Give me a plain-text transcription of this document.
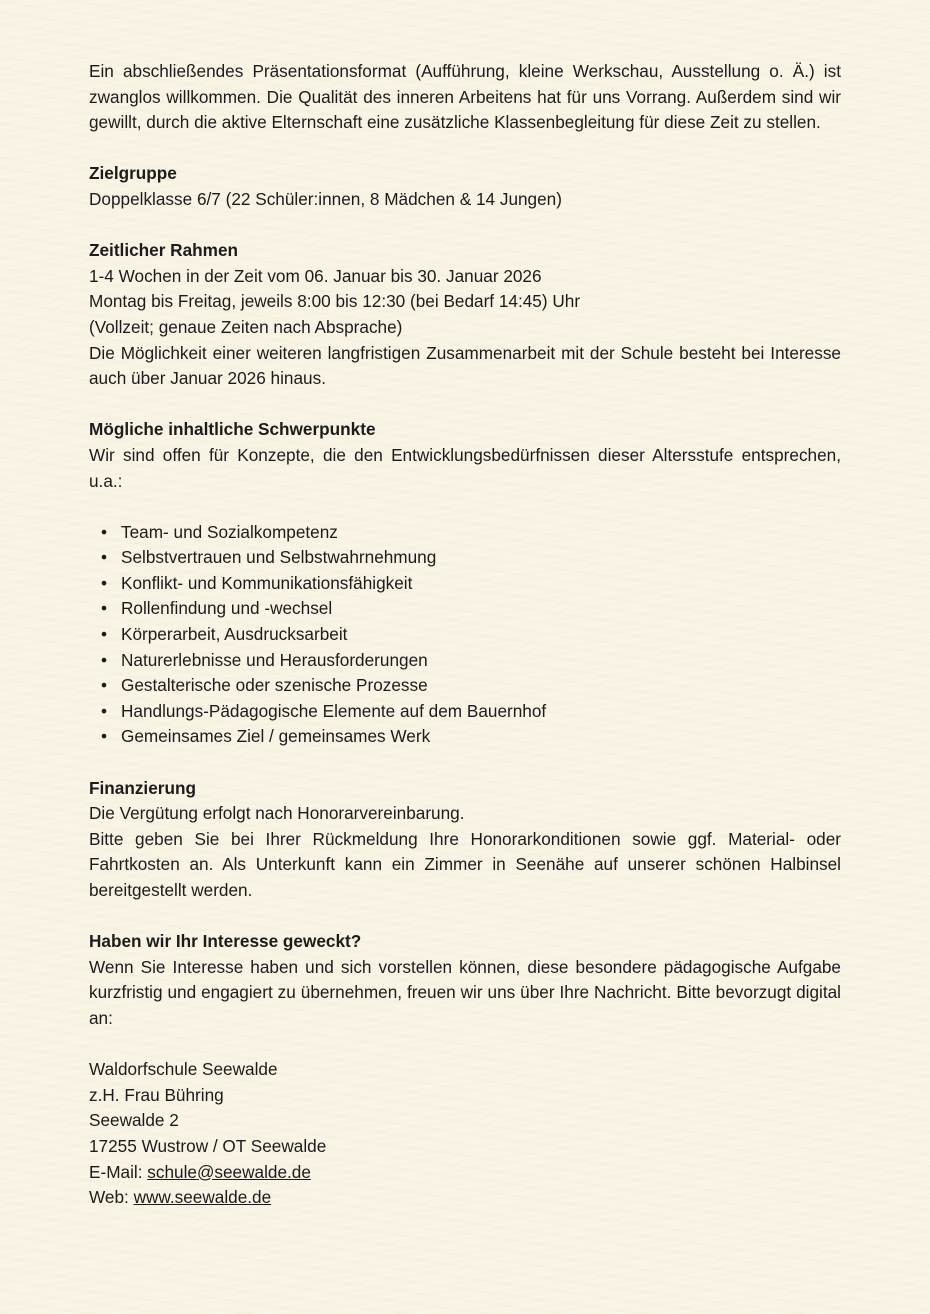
Ein abschließendes Präsentationsformat (Aufführung, kleine Werkschau, Ausstellung o. Ä.) ist zwanglos willkommen. Die Qualität des inneren Arbeitens hat für uns Vorrang. Außerdem sind wir gewillt, durch die aktive Elternschaft eine zusätzliche Klassenbegleitung für diese Zeit zu stellen.

Zielgruppe

Doppelklasse 6/7 (22 Schüler:innen, 8 Mädchen & 14 Jungen)

Zeitlicher Rahmen

1-4 Wochen in der Zeit vom 06. Januar bis 30. Januar 2026
Montag bis Freitag, jeweils 8:00 bis 12:30 (bei Bedarf 14:45) Uhr
(Vollzeit; genaue Zeiten nach Absprache)

Die Möglichkeit einer weiteren langfristigen Zusammenarbeit mit der Schule besteht bei Interesse auch über Januar 2026 hinaus.

Mögliche inhaltliche Schwerpunkte

Wir sind offen für Konzepte, die den Entwicklungsbedürfnissen dieser Altersstufe entsprechen, u.a.:

• Team- und Sozialkompetenz
• Selbstvertrauen und Selbstwahrnehmung
• Konflikt- und Kommunikationsfähigkeit
• Rollenfindung und -wechsel
• Körperarbeit, Ausdrucksarbeit
• Naturerlebnisse und Herausforderungen
• Gestalterische oder szenische Prozesse
• Handlungs-Pädagogische Elemente auf dem Bauernhof
• Gemeinsames Ziel / gemeinsames Werk

Finanzierung

Die Vergütung erfolgt nach Honorarvereinbarung.

Bitte geben Sie bei Ihrer Rückmeldung Ihre Honorarkonditionen sowie ggf. Material- oder Fahrtkosten an. Als Unterkunft kann ein Zimmer in Seenähe auf unserer schönen Halbinsel bereitgestellt werden.

Haben wir Ihr Interesse geweckt?

Wenn Sie Interesse haben und sich vorstellen können, diese besondere pädagogische Aufgabe kurzfristig und engagiert zu übernehmen, freuen wir uns über Ihre Nachricht. Bitte bevorzugt digital an:

Waldorfschule Seewalde
z.H. Frau Bühring
Seewalde 2
17255 Wustrow / OT Seewalde
E-Mail: schule@seewalde.de
Web: www.seewalde.de
